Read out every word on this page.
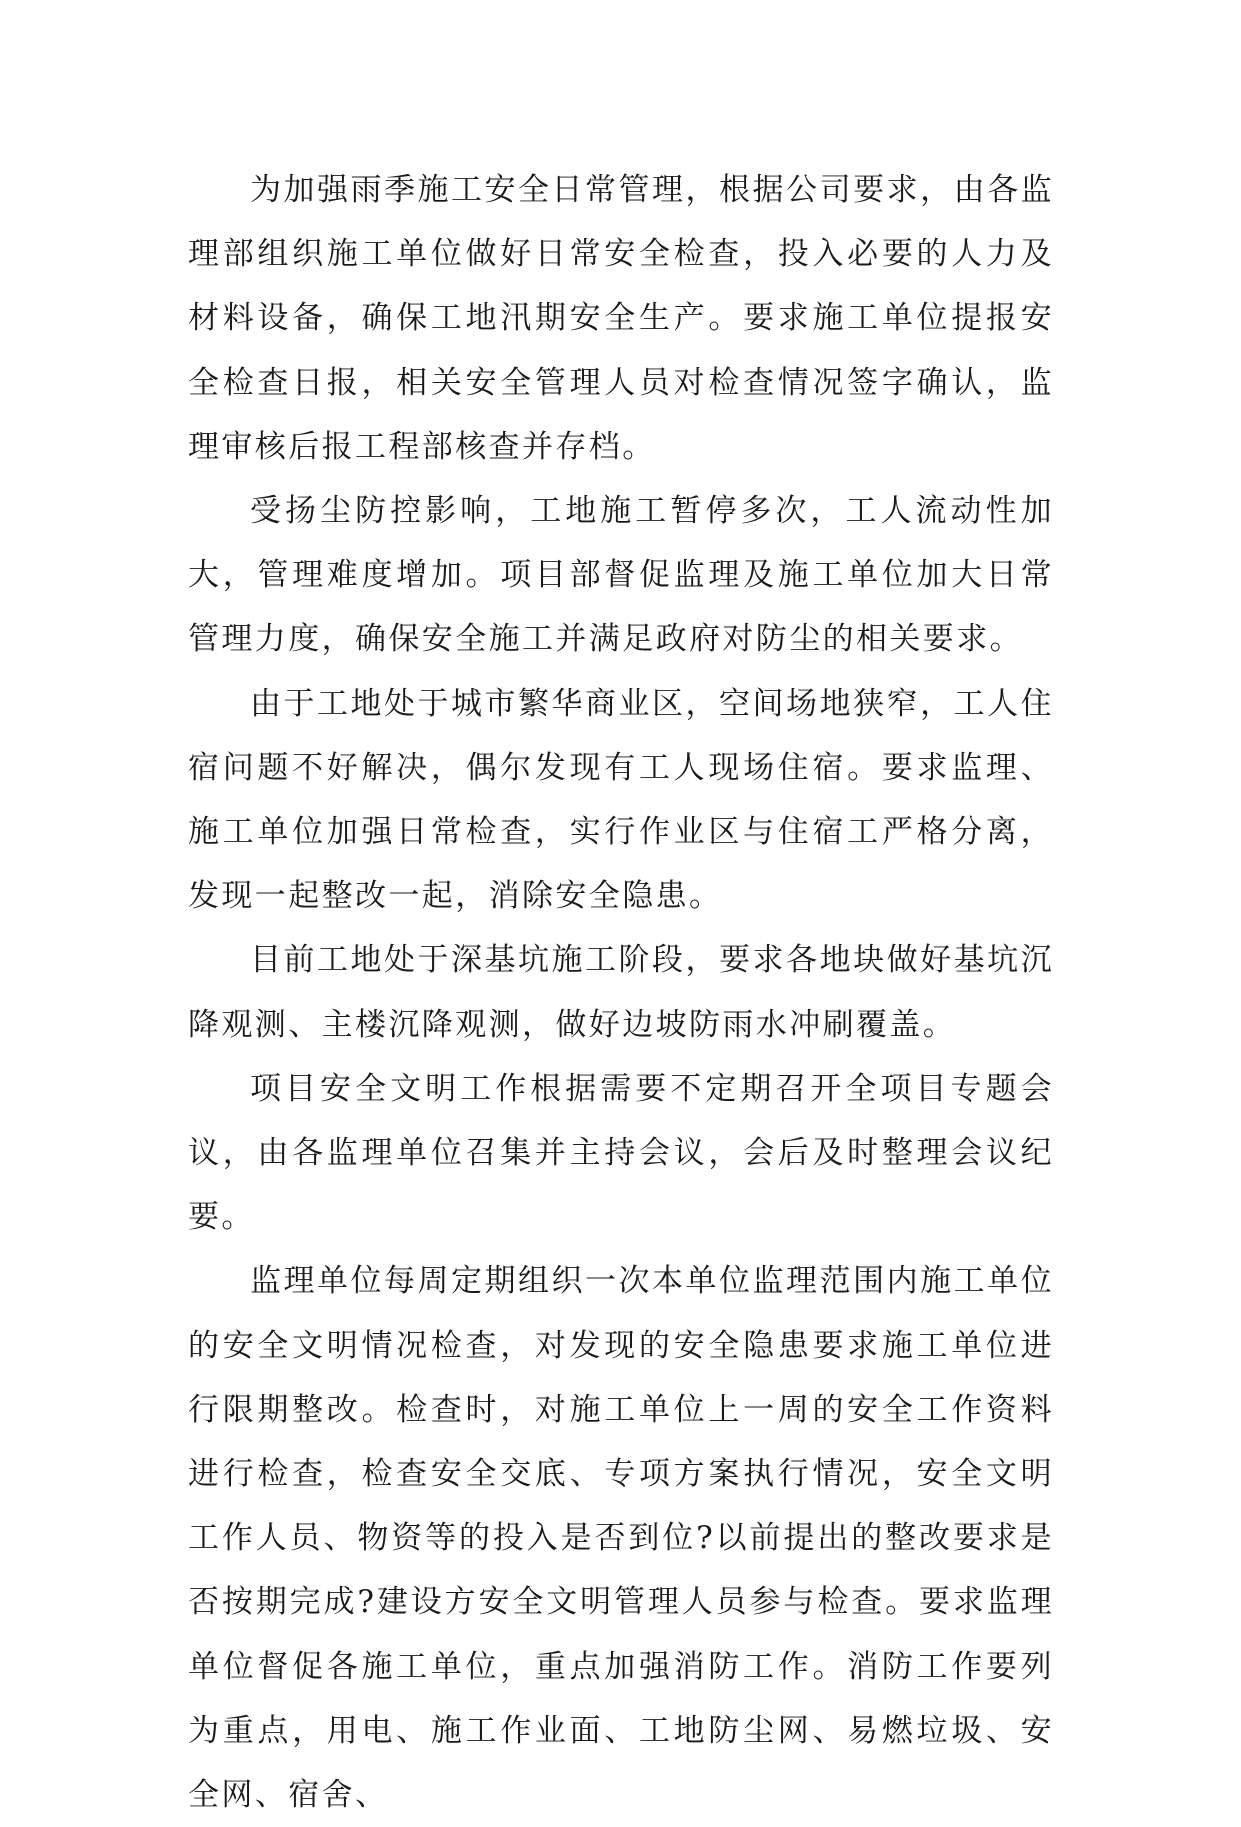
为加强雨季施工安全日常管理，根据公司要求，由各监理部组织施工单位做好日常安全检查，投入必要的人力及材料设备，确保工地汛期安全生产。要求施工单位提报安全检查日报，相关安全管理人员对检查情况签字确认，监理审核后报工程部核查并存档。

受扬尘防控影响，工地施工暂停多次，工人流动性加大，管理难度增加。项目部督促监理及施工单位加大日常管理力度，确保安全施工并满足政府对防尘的相关要求。

由于工地处于城市繁华商业区，空间场地狭窄，工人住宿问题不好解决，偶尔发现有工人现场住宿。要求监理、施工单位加强日常检查，实行作业区与住宿工严格分离，发现一起整改一起，消除安全隐患。

目前工地处于深基坑施工阶段，要求各地块做好基坑沉降观测、主楼沉降观测，做好边坡防雨水冲刷覆盖。

项目安全文明工作根据需要不定期召开全项目专题会议，由各监理单位召集并主持会议，会后及时整理会议纪要。

监理单位每周定期组织一次本单位监理范围内施工单位的安全文明情况检查，对发现的安全隐患要求施工单位进行限期整改。检查时，对施工单位上一周的安全工作资料进行检查，检查安全交底、专项方案执行情况，安全文明工作人员、物资等的投入是否到位?以前提出的整改要求是否按期完成?建设方安全文明管理人员参与检查。要求监理单位督促各施工单位，重点加强消防工作。消防工作要列为重点，用电、施工作业面、工地防尘网、易燃垃圾、安全网、宿舍、
